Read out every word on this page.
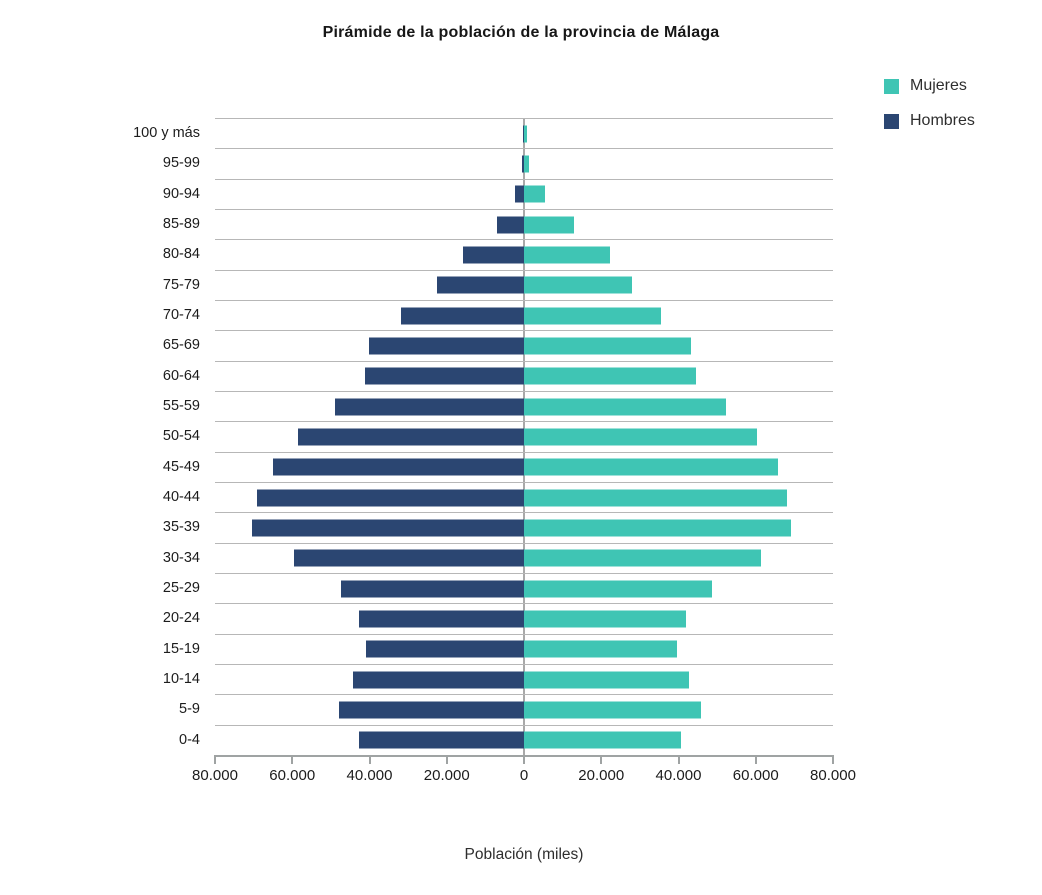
Pirámide de la población de la provincia de Málaga
Mujeres
Hombres
100 y más
95-99
90-94
85-89
80-84
75-79
70-74
65-69
60-64
55-59
50-54
45-49
40-44
35-39
30-34
25-29
20-24
15-19
10-14
5-9
0-4
80.000 60.000 40.000 20.000	0	20.000 40.000 60.000 80.000
Población (miles)
